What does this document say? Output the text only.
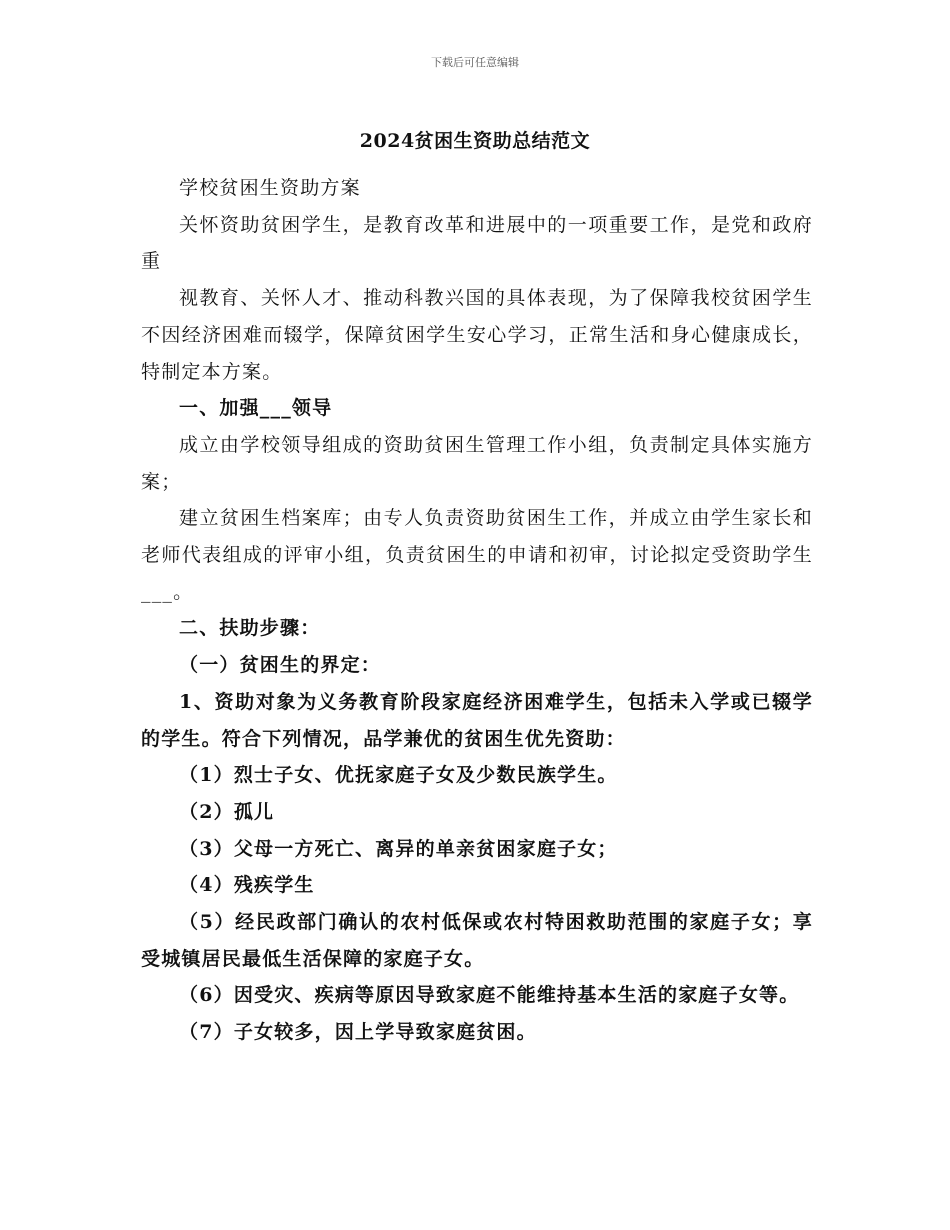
下载后可任意编辑
2024贫困生资助总结范文

学校贫困生资助方案

关怀资助贫困学生，是教育改革和进展中的一项重要工作，是党和政府重

视教育、关怀人才、推动科教兴国的具体表现，为了保障我校贫困学生不因经济困难而辍学，保障贫困学生安心学习，正常生活和身心健康成长，特制定本方案。

一、加强___领导

成立由学校领导组成的资助贫困生管理工作小组，负责制定具体实施方案；

建立贫困生档案库；由专人负责资助贫困生工作，并成立由学生家长和老师代表组成的评审小组，负责贫困生的申请和初审，讨论拟定受资助学生___。

二、扶助步骤：

（一）贫困生的界定：

1、资助对象为义务教育阶段家庭经济困难学生，包括未入学或已辍学的学生。符合下列情况，品学兼优的贫困生优先资助：

（1）烈士子女、优抚家庭子女及少数民族学生。

（2）孤儿

（3）父母一方死亡、离异的单亲贫困家庭子女；

（4）残疾学生

（5）经民政部门确认的农村低保或农村特困救助范围的家庭子女；享受城镇居民最低生活保障的家庭子女。

（6）因受灾、疾病等原因导致家庭不能维持基本生活的家庭子女等。

（7）子女较多，因上学导致家庭贫困。
